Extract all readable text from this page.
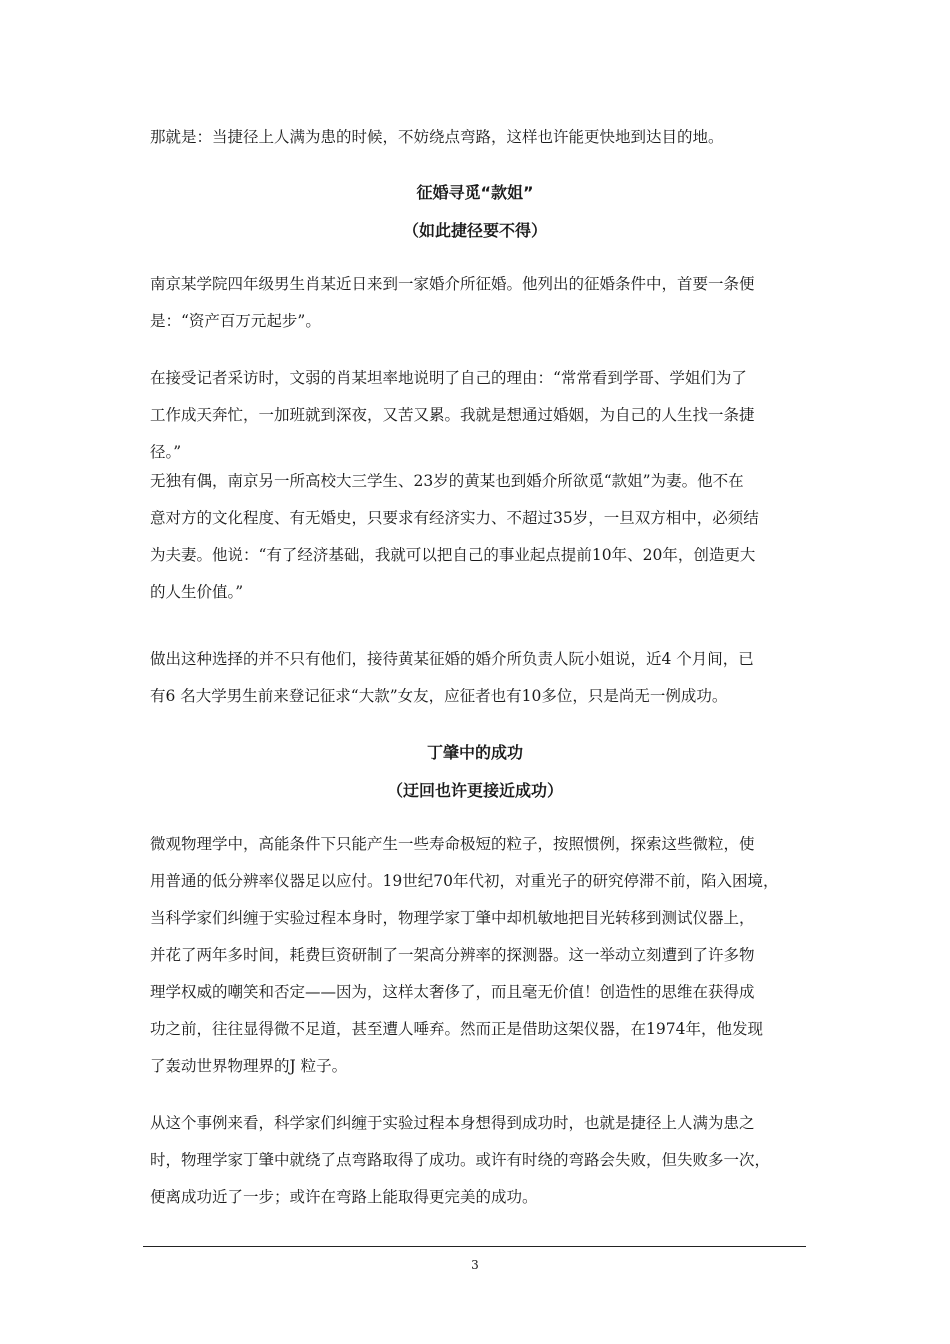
那就是：当捷径上人满为患的时候，不妨绕点弯路，这样也许能更快地到达目的地。

征婚寻觅“款姐”
（如此捷径要不得）

南京某学院四年级男生肖某近日来到一家婚介所征婚。他列出的征婚条件中，首要一条便
是：“资产百万元起步”。

在接受记者采访时，文弱的肖某坦率地说明了自己的理由：“常常看到学哥、学姐们为了
工作成天奔忙，一加班就到深夜，又苦又累。我就是想通过婚姻，为自己的人生找一条捷
径。”
无独有偶，南京另一所高校大三学生、23岁的黄某也到婚介所欲觅“款姐”为妻。他不在
意对方的文化程度、有无婚史，只要求有经济实力、不超过35岁，一旦双方相中，必须结
为夫妻。他说：“有了经济基础，我就可以把自己的事业起点提前10年、20年，创造更大
的人生价值。”

做出这种选择的并不只有他们，接待黄某征婚的婚介所负责人阮小姐说，近4 个月间，已
有6 名大学男生前来登记征求“大款”女友，应征者也有10多位，只是尚无一例成功。

丁肇中的成功
（迂回也许更接近成功）

微观物理学中，高能条件下只能产生一些寿命极短的粒子，按照惯例，探索这些微粒，使
用普通的低分辨率仪器足以应付。19世纪70年代初，对重光子的研究停滞不前，陷入困境，
当科学家们纠缠于实验过程本身时，物理学家丁肇中却机敏地把目光转移到测试仪器上，
并花了两年多时间，耗费巨资研制了一架高分辨率的探测器。这一举动立刻遭到了许多物
理学权威的嘲笑和否定——因为，这样太奢侈了，而且毫无价值！创造性的思维在获得成
功之前，往往显得微不足道，甚至遭人唾弃。然而正是借助这架仪器，在1974年，他发现
了轰动世界物理界的J 粒子。

从这个事例来看，科学家们纠缠于实验过程本身想得到成功时，也就是捷径上人满为患之
时，物理学家丁肇中就绕了点弯路取得了成功。或许有时绕的弯路会失败，但失败多一次，
便离成功近了一步；或许在弯路上能取得更完美的成功。

3
